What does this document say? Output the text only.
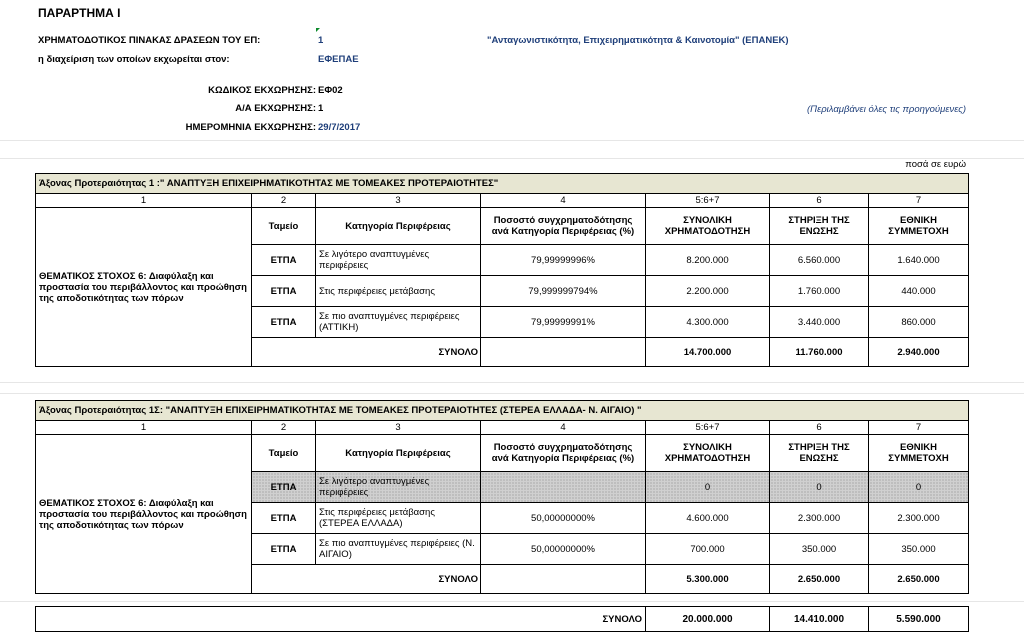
ΠΑΡΑΡΤΗΜΑ Ι
ΧΡΗΜΑΤΟΔΟΤΙΚΟΣ ΠΙΝΑΚΑΣ ΔΡΑΣΕΩΝ ΤΟΥ ΕΠ:	1	"Ανταγωνιστικότητα, Επιχειρηματικότητα & Καινοτομία" (ΕΠΑΝΕΚ)
η διαχείριση των οποίων εκχωρείται στον:	ΕΦΕΠΑΕ
ΚΩΔΙΚΟΣ ΕΚΧΩΡΗΣΗΣ: ΕΦ02
Α/Α ΕΚΧΩΡΗΣΗΣ: 1	(Περιλαμβάνει όλες τις προηγούμενες)
ΗΜΕΡΟΜΗΝΙΑ ΕΚΧΩΡΗΣΗΣ: 29/7/2017
ποσά σε ευρώ
Άξονας Προτεραιότητας 1 :" ΑΝΑΠΤΥΞΗ ΕΠΙΧΕΙΡΗΜΑΤΙΚΟΤΗΤΑΣ ΜΕ ΤΟΜΕΑΚΕΣ ΠΡΟΤΕΡΑΙΟΤΗΤΕΣ"						
1	2	3	4	5:6+7	6	7
ΘΕΜΑΤΙΚΟΣ ΣΤΟΧΟΣ 6: Διαφύλαξη και προστασία του περιβάλλοντος και προώθηση της αποδοτικότητας των πόρων	Ταμείο	Κατηγορία Περιφέρειας	Ποσοστό συγχρηματοδότησης ανά Κατηγορία Περιφέρειας (%)	ΣΥΝΟΛΙΚΗ ΧΡΗΜΑΤΟΔΟΤΗΣΗ	ΣΤΗΡΙΞΗ ΤΗΣ ΕΝΩΣΗΣ	ΕΘΝΙΚΗ ΣΥΜΜΕΤΟΧΗ
	ΕΤΠΑ	Σε λιγότερο αναπτυγμένες περιφέρειες	79,99999996%	8.200.000	6.560.000	1.640.000
	ΕΤΠΑ	Στις περιφέρειες μετάβασης	79,999999794%	2.200.000	1.760.000	440.000
	ΕΤΠΑ	Σε πιο αναπτυγμένες περιφέρειες (ΑΤΤΙΚΗ)	79,99999991%	4.300.000	3.440.000	860.000
	ΣΥΝΟΛΟ			14.700.000	11.760.000	2.940.000
Άξονας Προτεραιότητας 1Σ: "ΑΝΑΠΤΥΞΗ ΕΠΙΧΕΙΡΗΜΑΤΙΚΟΤΗΤΑΣ ΜΕ ΤΟΜΕΑΚΕΣ ΠΡΟΤΕΡΑΙΟΤΗΤΕΣ (ΣΤΕΡΕΑ ΕΛΛΑΔΑ- Ν. ΑΙΓΑΙΟ) "						
1	2	3	4	5:6+7	6	7
ΘΕΜΑΤΙΚΟΣ ΣΤΟΧΟΣ 6: Διαφύλαξη και προστασία του περιβάλλοντος και προώθηση της αποδοτικότητας των πόρων	Ταμείο	Κατηγορία Περιφέρειας	Ποσοστό συγχρηματοδότησης ανά Κατηγορία Περιφέρειας (%)	ΣΥΝΟΛΙΚΗ ΧΡΗΜΑΤΟΔΟΤΗΣΗ	ΣΤΗΡΙΞΗ ΤΗΣ ΕΝΩΣΗΣ	ΕΘΝΙΚΗ ΣΥΜΜΕΤΟΧΗ
	ΕΤΠΑ	Σε λιγότερο αναπτυγμένες περιφέρειες		0	0	0
	ΕΤΠΑ	Στις περιφέρειες μετάβασης (ΣΤΕΡΕΑ ΕΛΛΑΔΑ)	50,00000000%	4.600.000	2.300.000	2.300.000
	ΕΤΠΑ	Σε πιο αναπτυγμένες περιφέρειες (Ν. ΑΙΓΑΙΟ)	50,00000000%	700.000	350.000	350.000
	ΣΥΝΟΛΟ			5.300.000	2.650.000	2.650.000
ΣΥΝΟΛΟ	20.000.000	14.410.000	5.590.000
